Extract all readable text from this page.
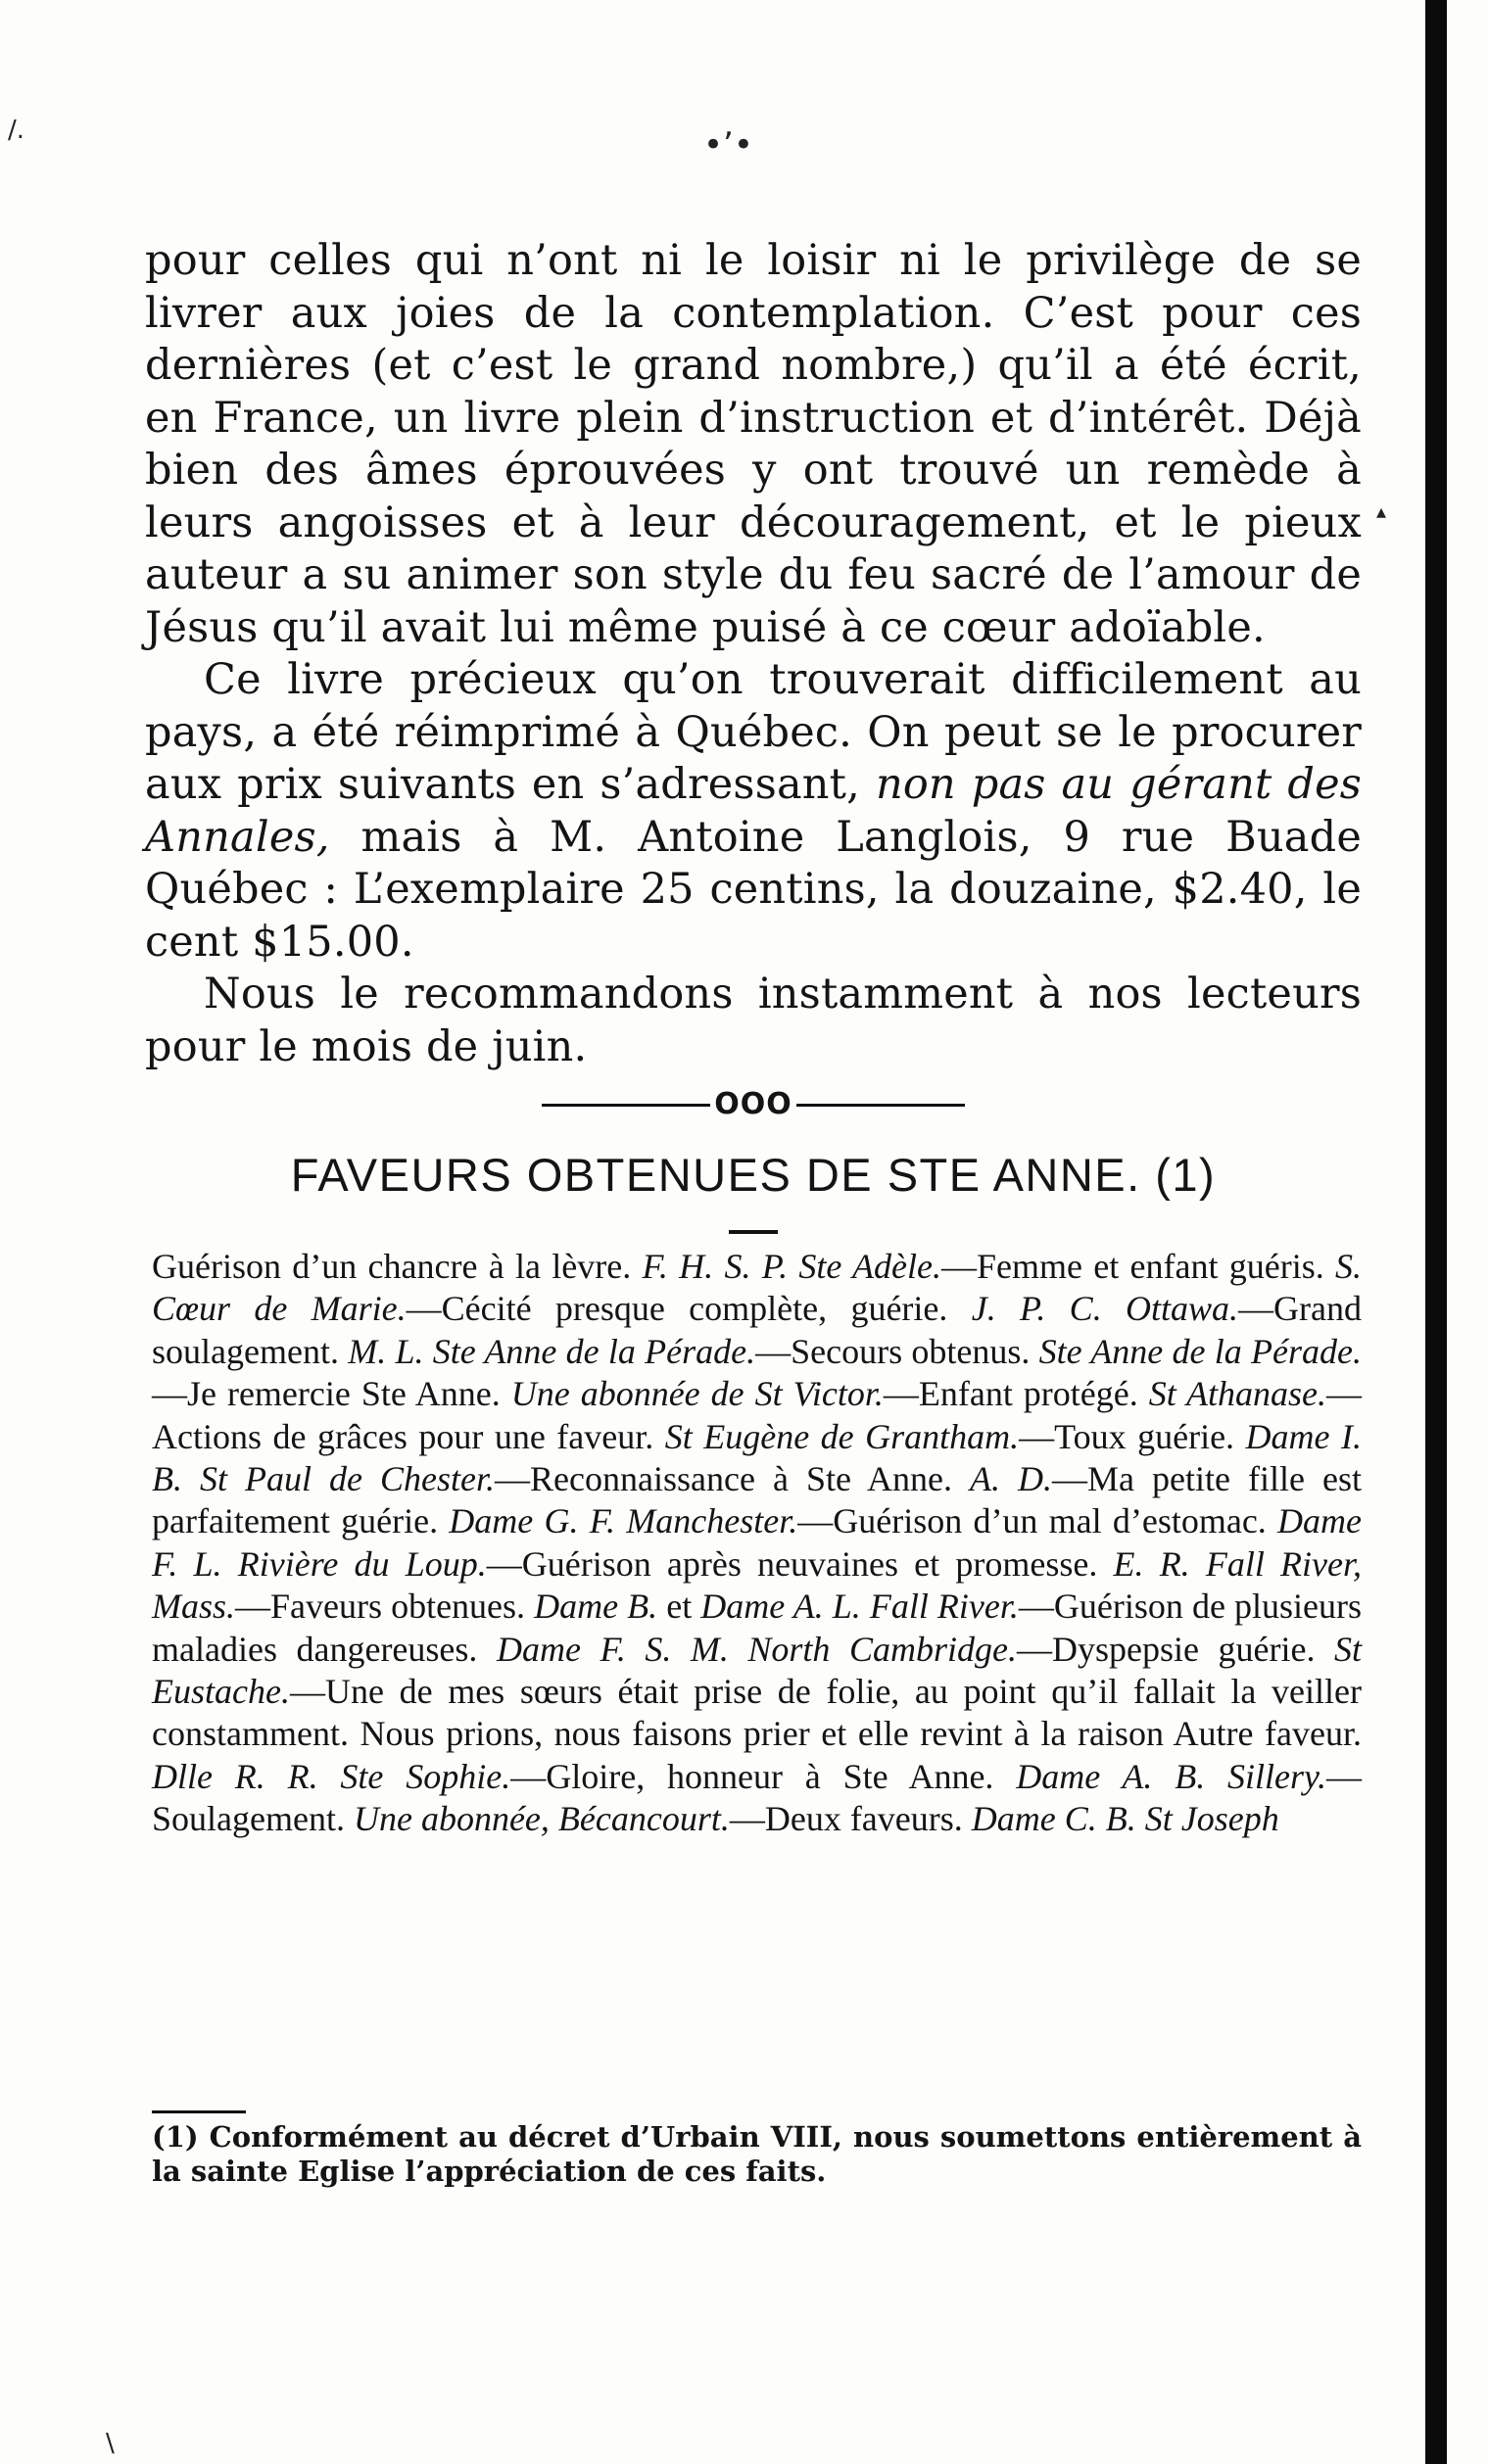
•’•
/.
▴
\

pour celles qui n’ont ni le loisir ni le privilège de se livrer aux joies de la contemplation. C’est pour ces dernières (et c’est le grand nombre,) qu’il a été écrit, en France, un livre plein d’instruction et d’intérêt. Déjà bien des âmes éprouvées y ont trouvé un remède à leurs angoisses et à leur découragement, et le pieux auteur a su animer son style du feu sacré de l’amour de Jésus qu’il avait lui même puisé à ce cœur adoïable.

Ce livre précieux qu’on trouverait difficilement au pays, a été réimprimé à Québec. On peut se le procurer aux prix suivants en s’adressant, non pas au gérant des Annales, mais à M. Antoine Langlois, 9 rue Buade Québec : L’exemplaire 25 centins, la douzaine, $2.40, le cent $15.00.

Nous le recommandons instamment à nos lecteurs pour le mois de juin.

OOO
FAVEURS OBTENUES DE STE ANNE. (1)
Guérison d’un chancre à la lèvre. F. H. S. P. Ste Adèle.—Femme et enfant guéris. S. Cœur de Marie.—Cécité presque complète, guérie. J. P. C. Ottawa.—Grand soulagement. M. L. Ste Anne de la Pérade.—Secours obtenus. Ste Anne de la Pérade.—Je remercie Ste Anne. Une abonnée de St Victor.—Enfant protégé. St Athanase.—Actions de grâces pour une faveur. St Eugène de Grantham.—Toux guérie. Dame I. B. St Paul de Chester.—Reconnaissance à Ste Anne. A. D.—Ma petite fille est parfaitement guérie. Dame G. F. Manchester.—Guérison d’un mal d’estomac. Dame F. L. Rivière du Loup.—Guérison après neuvaines et promesse. E. R. Fall River, Mass.—Faveurs obtenues. Dame B. et Dame A. L. Fall River.—Guérison de plusieurs maladies dangereuses. Dame F. S. M. North Cambridge.—Dyspepsie guérie. St Eustache.—Une de mes sœurs était prise de folie, au point qu’il fallait la veiller constamment. Nous prions, nous faisons prier et elle revint à la raison Autre faveur. Dlle R. R. Ste Sophie.—Gloire, honneur à Ste Anne. Dame A. B. Sillery.—Soulagement. Une abonnée, Bécancourt.—Deux faveurs. Dame C. B. St Joseph

(1) Conformément au décret d’Urbain VIII, nous soumettons entièrement à la sainte Eglise l’appréciation de ces faits.
